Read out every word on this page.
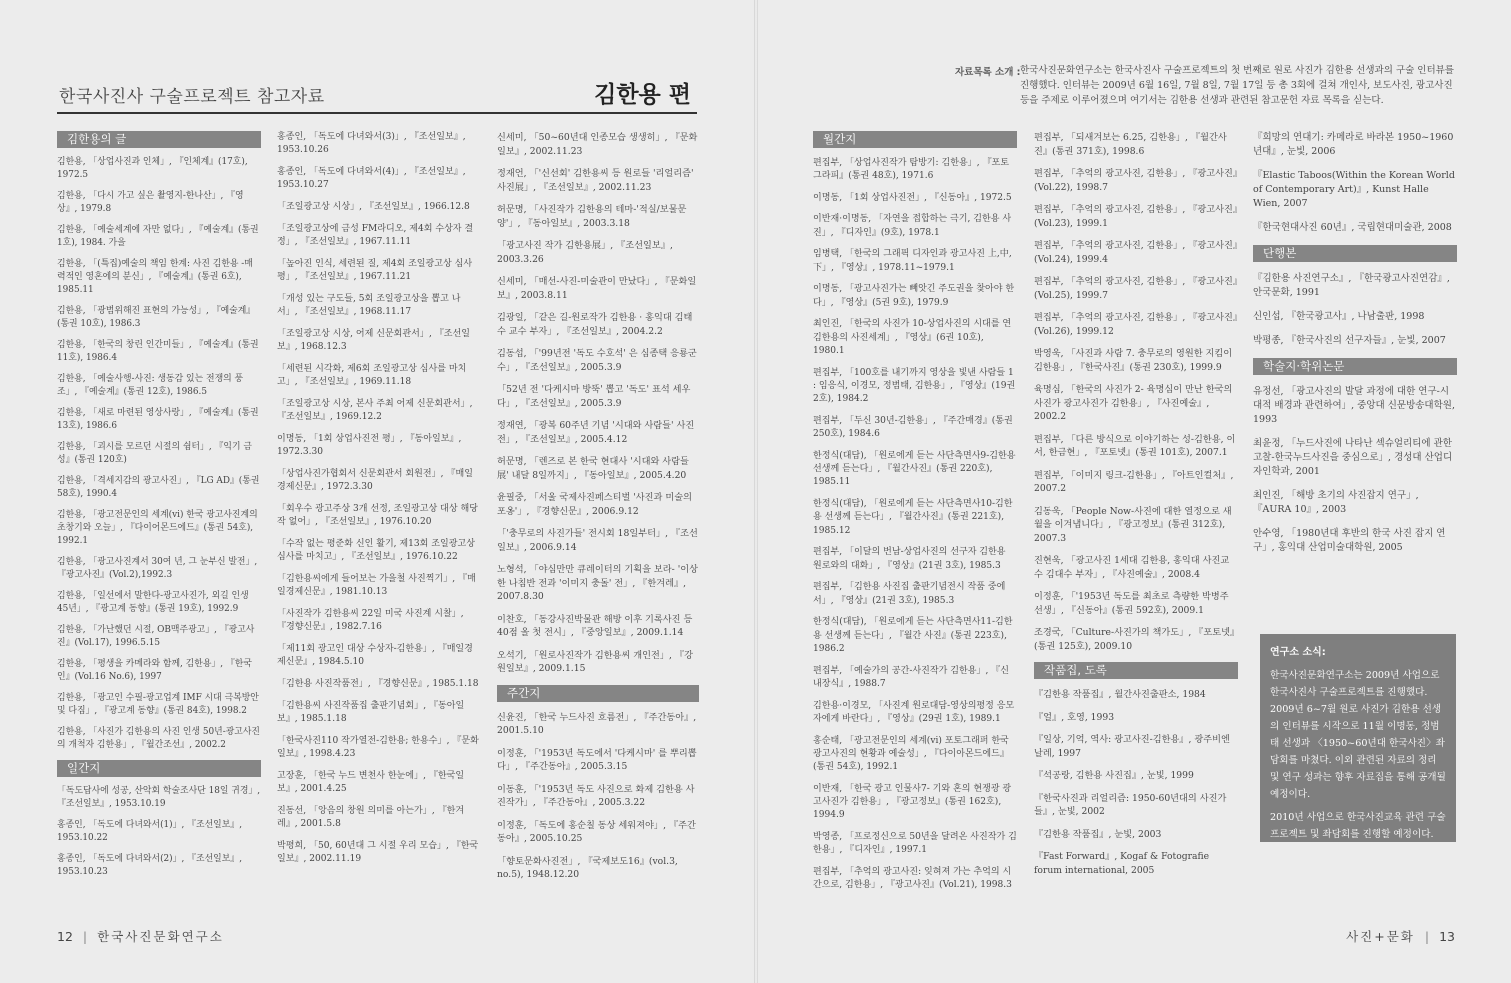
한국사진사 구술프로젝트 참고자료	김한용 편
김한용의 글
김한용, 「상업사진과 인체」, 『인체계』(17호), 1972.5
김한용, 「다시 가고 싶은 촬영지-한나산」, 『영상』, 1979.8
김한용, 「예술세계에 자만 없다」, 『예술계』(통권 1호), 1984. 가을
김한용, 「(특집)예술의 책임 한계: 사진 김한용 -매력적인 영혼에의 분신」, 『예술계』(통권 6호), 1985.11
김한용, 「광범위해진 표현의 가능성」, 『예술계』(통권 10호), 1986.3
김한용, 「한국의 창린 인간미들」, 『예술계』(통권 11호), 1986.4
김한용, 「예술사행-사진: 생동감 있는 전쟁의 풍조」, 『예술계』(통권 12호), 1986.5
김한용, 「새로 마련된 영상사랑」, 『예술계』(통권 13호), 1986.6
김한용, 「괴시를 모르던 시절의 쉼터」, 『익기 금성』(통권 120호)
김한용, 「격세지감의 광고사진」, 『LG AD』(통권 58호), 1990.4
김한용, 「광고전문인의 세계(vi) 한국 광고사진계의 초창기와 오늘」, 『다이어몬드에드』(통권 54호), 1992.1
김한용, 「광고사진계서 30여 년, 그 눈부신 발전」, 『광고사진』(Vol.2),1992.3
김한용, 「일선에서 말한다-광고사진가, 외길 인생 45년」, 『광고계 동향』(통권 19호), 1992.9
김한용, 「가난했던 시절, OB맥주광고」, 『광고사진』(Vol.17), 1996.5.15
김한용, 「평생을 카메라와 함께, 김한용」, 『한국인』(Vol.16 No.6), 1997
김한용, 「광고인 수필-광고업계 IMF 시대 극복방안 및 다짐」, 『광고계 동향』(통권 84호), 1998.2
김한용, 「사진가 김한용의 사진 인생 50년-광고사진의 개척자 김한용」, 『월간조선』, 2002.2
일간지
「독도답사에 성공, 산악회 학술조사단 18일 귀경」, 『조선일보』, 1953.10.19
홍종인, 「독도에 다녀와서(1)」, 『조선일보』, 1953.10.22
홍종인, 「독도에 다녀와서(2)」, 『조선일보』, 1953.10.23
홍종인, 「독도에 다녀와서(3)」, 『조선일보』, 1953.10.26
홍종인, 「독도에 다녀와서(4)」, 『조선일보』, 1953.10.27
「조일광고상 시상」, 『조선일보』, 1966.12.8
「조일광고상에 금성 FM라디오, 제4회 수상자 결정」, 『조선일보』, 1967.11.11
「높아진 인식, 세련된 질, 제4회 조일광고상 심사평」, 『조선일보』, 1967.11.21
「개성 있는 구도들, 5회 조일광고상을 뽑고 나서」, 『조선일보』, 1968.11.17
「조일광고상 시상, 어제 신문회관서」, 『조선일보』, 1968.12.3
「세련된 시각화, 제6회 조일광고상 심사를 마치고」, 『조선일보』, 1969.11.18
「조일광고상 시상, 본사 주최 어제 신문회관서」, 『조선일보』, 1969.12.2
이명동, 「1회 상업사진전 평」, 『동아일보』, 1972.3.30
「상업사진가협회서 신문회관서 회원전」, 『매일경제신문』, 1972.3.30
「회우수 광고주상 3개 선정, 조일광고상 대상 해당작 없어」, 『조선일보』, 1976.10.20
「수작 없는 평준화 신인 활기, 제13회 조일광고상 심사를 마치고」, 『조선일보』, 1976.10.22
「김한용씨에게 들어보는 가을철 사진찍기」, 『매일경제신문』, 1981.10.13
「사진작가 김한용씨 22일 미국 사진계 시찰」, 『경향신문』, 1982.7.16
「제11회 광고인 대상 수상자-김한용」, 『매일경제신문』, 1984.5.10
「김한용 사진작품전」, 『경향신문』, 1985.1.18
「김한용씨 사진작품집 출판기념회」, 『동아일보』, 1985.1.18
「한국사진110 작가열전-김한용; 한용수」, 『문화일보』, 1998.4.23
고장훈, 「한국 누드 변천사 한눈에」, 『한국일보』, 2001.4.25
진동선, 「앙음의 창원 의미를 아는가」, 『한겨레』, 2001.5.8
박평희, 「50, 60년대 그 시절 우리 모습」, 『한국일보』, 2002.11.19
신세미, 「50~60년대 인종모습 생생히」, 『문화일보』, 2002.11.23
정재언, 「'신선회' 김한용씨 등 원로들 '리얼리즘' 사진展」, 『조선일보』, 2002.11.23
허문명, 「사진작가 김한용의 테마-'적실/보물문양'」, 『동아일보』, 2003.3.18
「광고사진 작가 김한용展」, 『조선일보』, 2003.3.26
신세미, 「매선-사진-미술관이 만났다」, 『문화일보』, 2003.8.11
김광일, 「같은 길-원로작가 김한용 · 홍익대 김태수 교수 부자」, 『조선일보』, 2004.2.2
김동섭, 「'99년전 '독도 수호석' 은 심종택 응룡군수」, 『조선일보』, 2005.3.9
「52년 전 '다케시마 방뚝' 뽑고 '독도' 표석 세우다」, 『조선일보』, 2005.3.9
정재연, 「광복 60주년 기념 '시대와 사람들' 사진전」, 『조선일보』, 2005.4.12
허문명, 「렌즈로 본 한국 현대사 '시대와 사람들展' 내달 8일까지」, 『동아일보』, 2005.4.20
윤필중, 「서울 국제사진페스티벌 '사진과 미술의 포옹'」, 『경향신문』, 2006.9.12
「'충무로의 사진가들' 전시회 18일부터」, 『조선일보』, 2006.9.14
노형석, 「야심만만 큐레이터의 기획을 보라- '이상한 나침반 전과 '이미지 충돌' 전」, 『한겨레』, 2007.8.30
이찬호, 「동강사진박물관 해방 이후 기록사진 등 40점 올 첫 전시」, 『중앙일보』, 2009.1.14
오석기, 「원로사진작가 김한용씨 개인전」, 『강원일보』, 2009.1.15
주간지
신윤진, 「한국 누드사진 흐름전」, 『주간동아』, 2001.5.10
이정훈, 「'1953년 독도에서 '다케시마' 를 뿌리뽑다」, 『주간동아』, 2005.3.15
이동훈, 「'1953년 독도 사진으로 화제 김한용 사진작가」, 『주간동아』, 2005.3.22
이정훈, 「독도에 홍순칠 동상 세워져야」, 『주간동아』, 2005.10.25
「향토문화사진전」, 『국제보도16』(vol.3, no.5), 1948.12.20
자료목록 소개 : 한국사진문화연구소는 한국사진사 구술프로젝트의 첫 번째로 원로 사진가 김한용 선생과의 구술 인터뷰를 진행했다. 인터뷰는 2009년 6월 16일, 7월 8일, 7월 17일 등 총 3회에 걸쳐 개인사, 보도사진, 광고사진 등을 주제로 이루어졌으며 여기서는 김한용 선생과 관련된 참고문헌 자료 목록을 싣는다.
월간지
편집부, 「상업사진작가 탐방기: 김한용」, 『포토그라피』(통권 48호), 1971.6
이명동, 「1회 상업사진전」, 『신동아』, 1972.5
이반재·이명동, 「자연을 접합하는 극기, 김한용 사진」, 『디자인』(9호), 1978.1
임병택, 「한국의 그래픽 디자인과 광고사진 上,中,下」, 『영상』, 1978.11~1979.1
이명동, 「광고사진가는 빼앗긴 주도권을 찾아야 한다」, 『영상』(5권 9호), 1979.9
최인진, 「한국의 사진가 10-상업사진의 시대를 연 김한용의 사진세계」, 『영상』(6권 10호), 1980.1
편집부, 「100호를 내기까지 영상을 빛낸 사람들 1 : 임응식, 이경모, 정범태, 김한용」, 『영상』(19권 2호), 1984.2
편집부, 「두신 30년-김한용」, 『주간매경』(통권 250호), 1984.6
한정식(대담), 「원로에게 듣는 사단측면사9-김한용 선생께 듣는다」, 『월간사진』(통권 220호), 1985.11
한정식(대담), 「원로에게 듣는 사단측면사10-김한용 선생께 듣는다」, 『월간사진』(통권 221호), 1985.12
편집부, 「이달의 번남-상업사진의 선구자 김한용 원로와의 대화」, 『영상』(21권 3호), 1985.3
편집부, 「김한용 사진집 출판기념전시 작품 중에서」, 『영상』(21권 3호), 1985.3
한정식(대담), 「원로에게 듣는 사단측면사11-김한용 선생께 듣는다」, 『월간 사진』(통권 223호), 1986.2
편집부, 「예술가의 공간-사진작가 김한용」, 『신내장식』, 1988.7
김한용·이경모, 「사진계 원로대담-영상의평정 응모자에게 바란다」, 『영상』(29권 1호), 1989.1
홍순태, 「광고전문인의 세계(vi) 포토그래퍼 한국 광고사진의 현황과 예술성」, 『다이아몬드에드』(통권 54호), 1992.1
이반재, 「한국 광고 인물사7- 기와 혼의 현쟁광 광고사진가 김한용」, 『광고정보』(통권 162호), 1994.9
박영종, 「프로정신으로 50년을 달려온 사진작가 김한용」, 『디자인』, 1997.1
편집부, 「추억의 광고사진: 잊혀져 가는 추억의 시간으로, 김한용」, 『광고사진』(Vol.21), 1998.3
편집부, 「되새겨보는 6.25, 김한용」, 『월간사진』(통권 371호), 1998.6
편집부, 「추억의 광고사진, 김한용」, 『광고사진』(Vol.22), 1998.7
편집부, 「추억의 광고사진, 김한용」, 『광고사진』(Vol.23), 1999.1
편집부, 「추억의 광고사진, 김한용」, 『광고사진』(Vol.24), 1999.4
편집부, 「추억의 광고사진, 김한용」, 『광고사진』(Vol.25), 1999.7
편집부, 「추억의 광고사진, 김한용」, 『광고사진』(Vol.26), 1999.12
박영욱, 「사진과 사람 7. 충무로의 영원한 지킴이 김한용」, 『한국사진』(통권 230호), 1999.9
육명심, 「한국의 사진가 2- 육명심이 만난 한국의 사진가 광고사진가 김한용」, 『사진예술』, 2002.2
편집부, 「다른 방식으로 이야기하는 성-김한용, 이서, 한금현」, 『포토넷』(통권 101호), 2007.1
편집부, 「이미지 링크-김한용」, 『아트인컬처』, 2007.2
김동욱, 「People Now-사진에 대한 열정으로 새월을 이겨냅니다」, 『광고정보』(통권 312호), 2007.3
진현욱, 「광고사진 1세대 김한용, 홍익대 사진교수 김대수 부자」, 『사진예술』, 2008.4
이정훈, 「'1953년 독도를 최초로 측량한 박병주 선생」, 『신동아』(통권 592호), 2009.1
조경국, 「Culture-사진가의 책가도」, 『포토넷』(통권 125호), 2009.10
작품집, 도록
『김한용 작품집』, 월간사진출판소, 1984
『얼』, 호영, 1993
『일상, 기억, 역사: 광고사진-김한용』, 광주비엔날레, 1997
『석공랑, 김한용 사진집』, 눈빛, 1999
『한국사진과 리얼리즘: 1950-60년대의 사진가들』, 눈빛, 2002
『김한용 작품집』, 눈빛, 2003
『Fast Forward』, Kogaf & Fotografie forum international, 2005
『희망의 연대기: 카메라로 바라본 1950~1960년대』, 눈빛, 2006
『Elastic Taboos(Within the Korean World of Contemporary Art)』, Kunst Halle Wien, 2007
『한국현대사진 60년』, 국립현대미술관, 2008
단행본
『김한용 사진연구소』, 『한국광고사진연감』, 안국문화, 1991
신인섭, 『한국광고사』, 나남출판, 1998
박평종, 『한국사진의 선구자들』, 눈빛, 2007
학술지·학위논문
유정선, 「광고사진의 발달 과정에 대한 연구-시대적 배경과 관련하여」, 중앙대 신문방송대학원, 1993
최윤정, 「누드사진에 나타난 섹슈얼리티에 관한 고찰-한국누드사진을 중심으로」, 경성대 산업디자인학과, 2001
최인진, 「해방 초기의 사진잡지 연구」, 『AURA 10』, 2003
안수영, 「1980년대 후반의 한국 사진 잡지 연구」, 홍익대 산업미술대학원, 2005
연구소 소식:

한국사진문화연구소는 2009년 사업으로 한국사진사 구술프로젝트를 진행했다. 2009년 6~7월 원로 사진가 김한용 선생의 인터뷰를 시작으로 11월 이명동, 정범태 선생과 〈1950~60년대 한국사진〉좌담회를 마쳤다. 이외 관련된 자료의 정리 및 연구 성과는 향후 자료집을 통해 공개될 예정이다.

2010년 사업으로 한국사진교육 관련 구술 프로젝트 및 좌담회를 진행할 예정이다.

12 | 한국사진문화연구소	사진+문화 | 13
